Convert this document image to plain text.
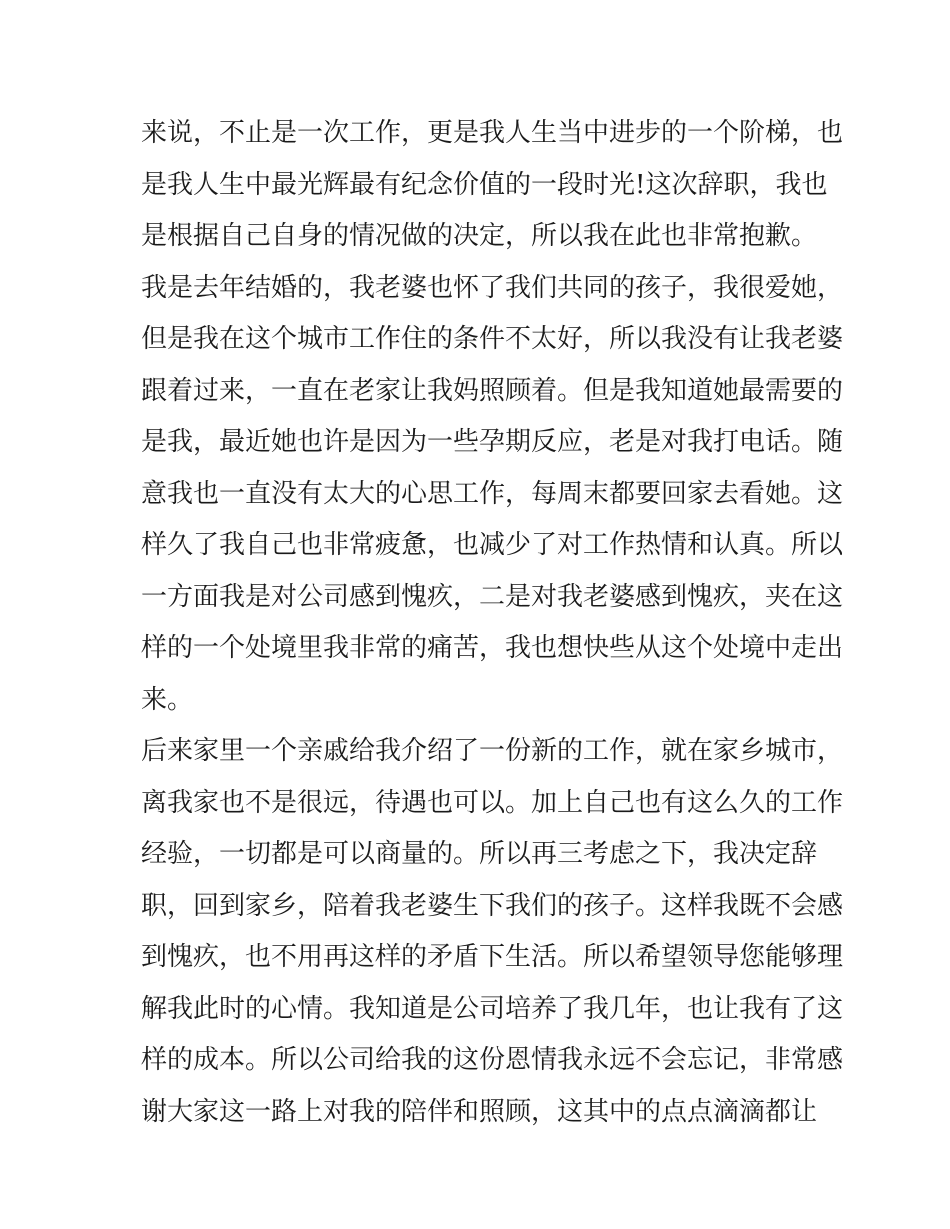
来说，不止是一次工作，更是我人生当中进步的一个阶梯，也
是我人生中最光辉最有纪念价值的一段时光!这次辞职，我也
是根据自己自身的情况做的决定，所以我在此也非常抱歉。
我是去年结婚的，我老婆也怀了我们共同的孩子，我很爱她，
但是我在这个城市工作住的条件不太好，所以我没有让我老婆
跟着过来，一直在老家让我妈照顾着。但是我知道她最需要的
是我，最近她也许是因为一些孕期反应，老是对我打电话。随
意我也一直没有太大的心思工作，每周末都要回家去看她。这
样久了我自己也非常疲惫，也减少了对工作热情和认真。所以
一方面我是对公司感到愧疚，二是对我老婆感到愧疚，夹在这
样的一个处境里我非常的痛苦，我也想快些从这个处境中走出
来。
后来家里一个亲戚给我介绍了一份新的工作，就在家乡城市，
离我家也不是很远，待遇也可以。加上自己也有这么久的工作
经验，一切都是可以商量的。所以再三考虑之下，我决定辞
职，回到家乡，陪着我老婆生下我们的孩子。这样我既不会感
到愧疚，也不用再这样的矛盾下生活。所以希望领导您能够理
解我此时的心情。我知道是公司培养了我几年，也让我有了这
样的成本。所以公司给我的这份恩情我永远不会忘记，非常感
谢大家这一路上对我的陪伴和照顾，这其中的点点滴滴都让
